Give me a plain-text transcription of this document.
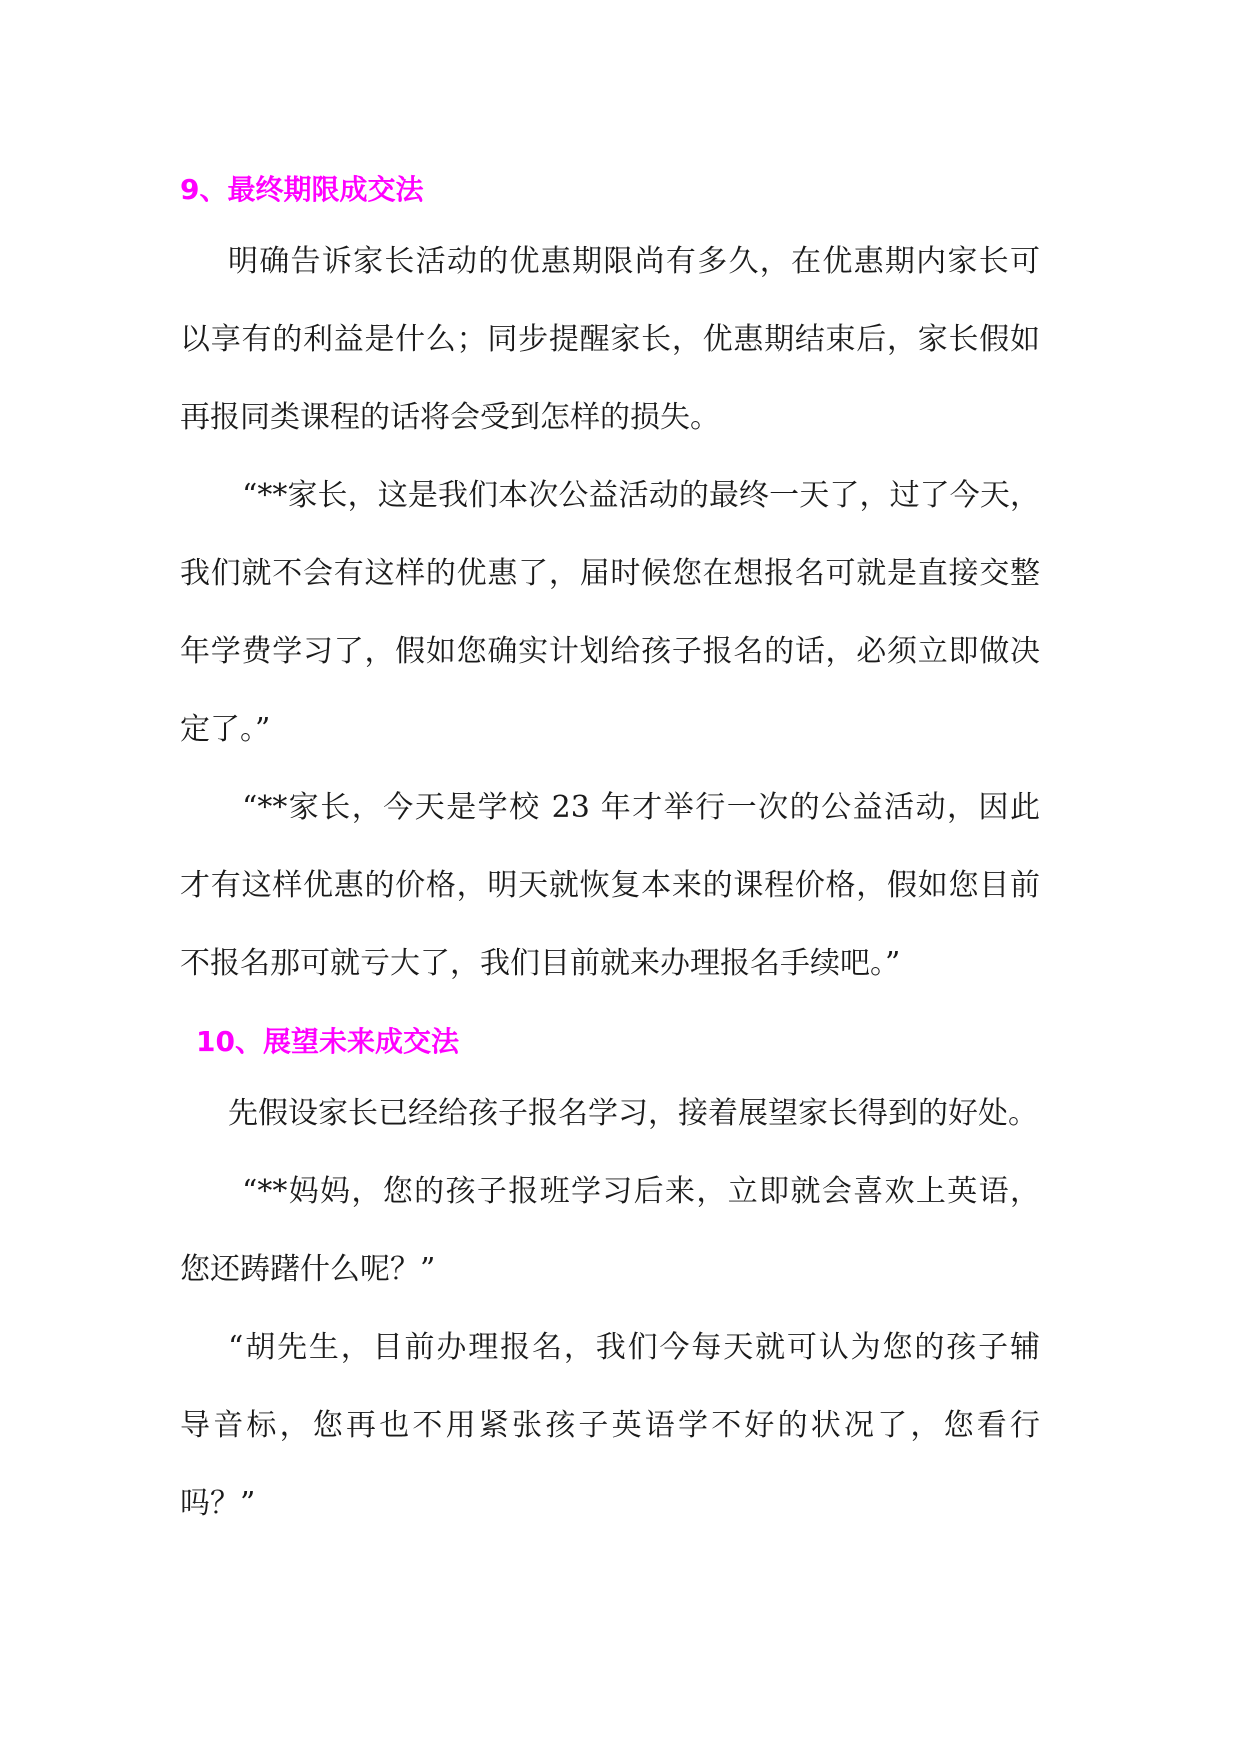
9、最终期限成交法
明确告诉家长活动的优惠期限尚有多久，在优惠期内家长可
以享有的利益是什么；同步提醒家长，优惠期结束后，家长假如
再报同类课程的话将会受到怎样的损失。
“**家长，这是我们本次公益活动的最终一天了，过了今天，
我们就不会有这样的优惠了，届时候您在想报名可就是直接交整
年学费学习了，假如您确实计划给孩子报名的话，必须立即做决
定了。”
“**家长，今天是学校 23 年才举行一次的公益活动，因此
才有这样优惠的价格，明天就恢复本来的课程价格，假如您目前
不报名那可就亏大了，我们目前就来办理报名手续吧。”
10、展望未来成交法
先假设家长已经给孩子报名学习，接着展望家长得到的好处。
“**妈妈，您的孩子报班学习后来，立即就会喜欢上英语，
您还踌躇什么呢？”
“胡先生，目前办理报名，我们今每天就可认为您的孩子辅
导音标，您再也不用紧张孩子英语学不好的状况了，您看行
吗？”
